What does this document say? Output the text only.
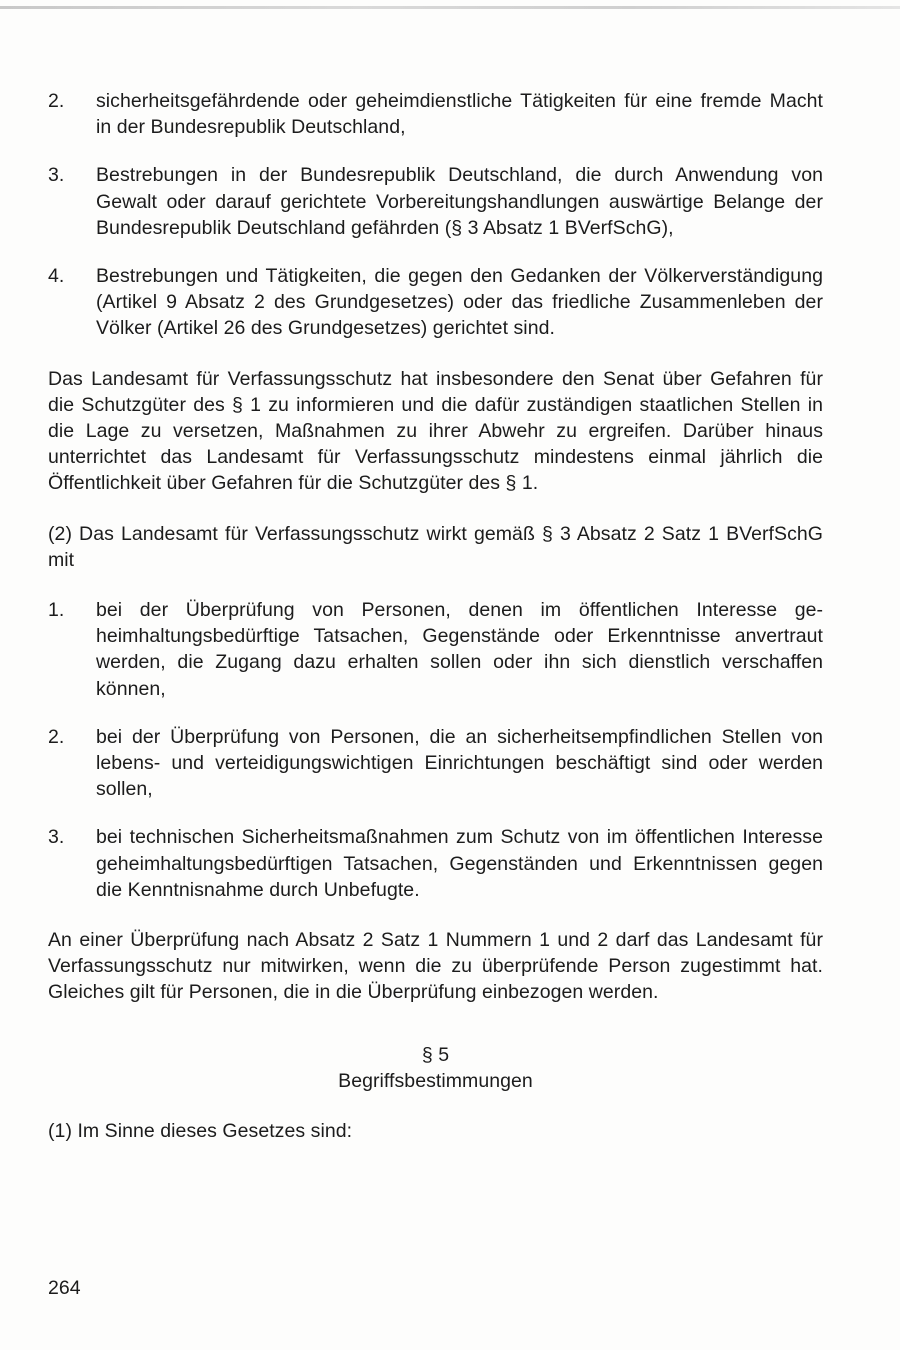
2.	sicherheitsgefährdende oder geheimdienstliche Tätigkeiten für eine fremde Macht in der Bundesrepublik Deutschland,
3.	Bestrebungen in der Bundesrepublik Deutschland, die durch Anwendung von Gewalt oder darauf gerichtete Vorbereitungshandlungen auswärtige Belange der Bundesrepublik Deutschland gefährden (§ 3 Absatz 1 BVerfSchG),
4.	Bestrebungen und Tätigkeiten, die gegen den Gedanken der Völkerverständigung (Artikel 9 Absatz 2 des Grundgesetzes) oder das friedliche Zusammenleben der Völker (Artikel 26 des Grundgesetzes) gerichtet sind.

Das Landesamt für Verfassungsschutz hat insbesondere den Senat über Gefahren für die Schutzgüter des § 1 zu informieren und die dafür zuständigen staatlichen Stellen in die Lage zu versetzen, Maßnahmen zu ihrer Abwehr zu ergreifen. Darüber hinaus unterrichtet das Landesamt für Verfassungsschutz mindestens einmal jährlich die Öffentlichkeit über Gefahren für die Schutzgüter des § 1.

(2) Das Landesamt für Verfassungsschutz wirkt gemäß § 3 Absatz 2 Satz 1 BVerfSchG mit

1.	bei der Überprüfung von Personen, denen im öffentlichen Interesse geheimhaltungsbedürftige Tatsachen, Gegenstände oder Erkenntnisse anvertraut werden, die Zugang dazu erhalten sollen oder ihn sich dienstlich verschaffen können,
2.	bei der Überprüfung von Personen, die an sicherheitsempfindlichen Stellen von lebens- und verteidigungswichtigen Einrichtungen beschäftigt sind oder werden sollen,
3.	bei technischen Sicherheitsmaßnahmen zum Schutz von im öffentlichen Interesse geheimhaltungsbedürftigen Tatsachen, Gegenständen und Erkenntnissen gegen die Kenntnisnahme durch Unbefugte.

An einer Überprüfung nach Absatz 2 Satz 1 Nummern 1 und 2 darf das Landesamt für Verfassungsschutz nur mitwirken, wenn die zu überprüfende Person zugestimmt hat. Gleiches gilt für Personen, die in die Überprüfung einbezogen werden.

§ 5
Begriffsbestimmungen

(1) Im Sinne dieses Gesetzes sind:

264
